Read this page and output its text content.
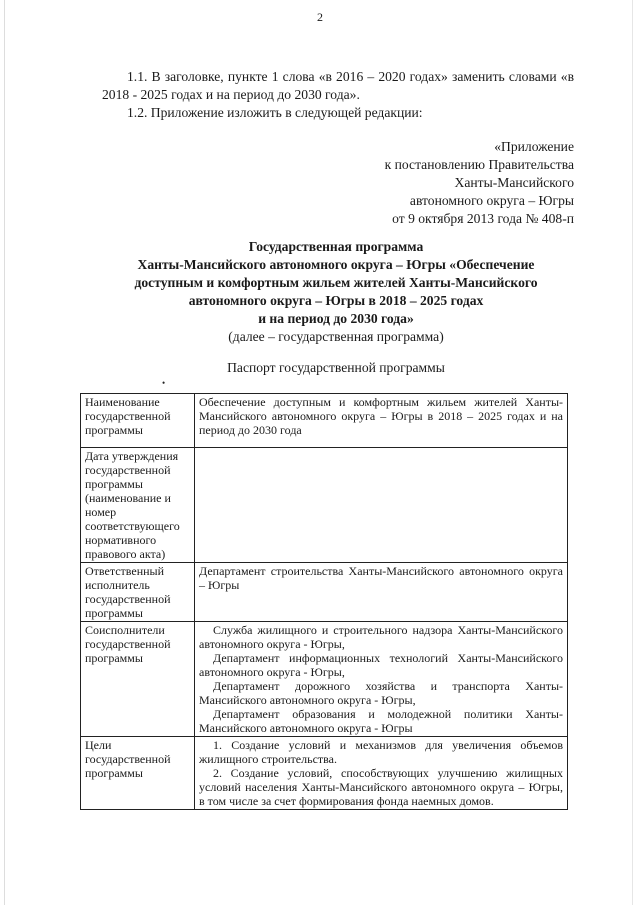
2
1.1. В заголовке, пункте 1 слова «в 2016 – 2020 годах» заменить словами «в 2018 - 2025 годах и на период до 2030 года».
1.2. Приложение изложить в следующей редакции:
«Приложение
к постановлению Правительства
Ханты-Мансийского
автономного округа – Югры
от 9 октября 2013 года № 408-п
Государственная программа
Ханты-Мансийского автономного округа – Югры «Обеспечение
доступным и комфортным жильем жителей Ханты-Мансийского
автономного округа – Югры в 2018 – 2025 годах
и на период до 2030 года»
(далее – государственная программа)
Паспорт государственной программы
•
Наименование государственной программы	Обеспечение доступным и комфортным жильем жителей Ханты-Мансийского автономного округа – Югры в 2018 – 2025 годах и на период до 2030 года

Дата утверждения государственной программы (наименование и номер соответствующего нормативного правового акта)	
Ответственный исполнитель государственной программы	Департамент строительства Ханты-Мансийского автономного округа – Югры

Соисполнители государственной программы	Служба жилищного и строительного надзора Ханты-Мансийского автономного округа - Югры,
Департамент информационных технологий Ханты-Мансийского автономного округа - Югры,
Департамент дорожного хозяйства и транспорта Ханты-Мансийского автономного округа - Югры,
Департамент образования и молодежной политики Ханты-Мансийского автономного округа - Югры

Цели государственной программы	1. Создание условий и механизмов для увеличения объемов жилищного строительства.
2. Создание условий, способствующих улучшению жилищных условий населения Ханты-Мансийского автономного округа – Югры, в том числе за счет формирования фонда наемных домов.
